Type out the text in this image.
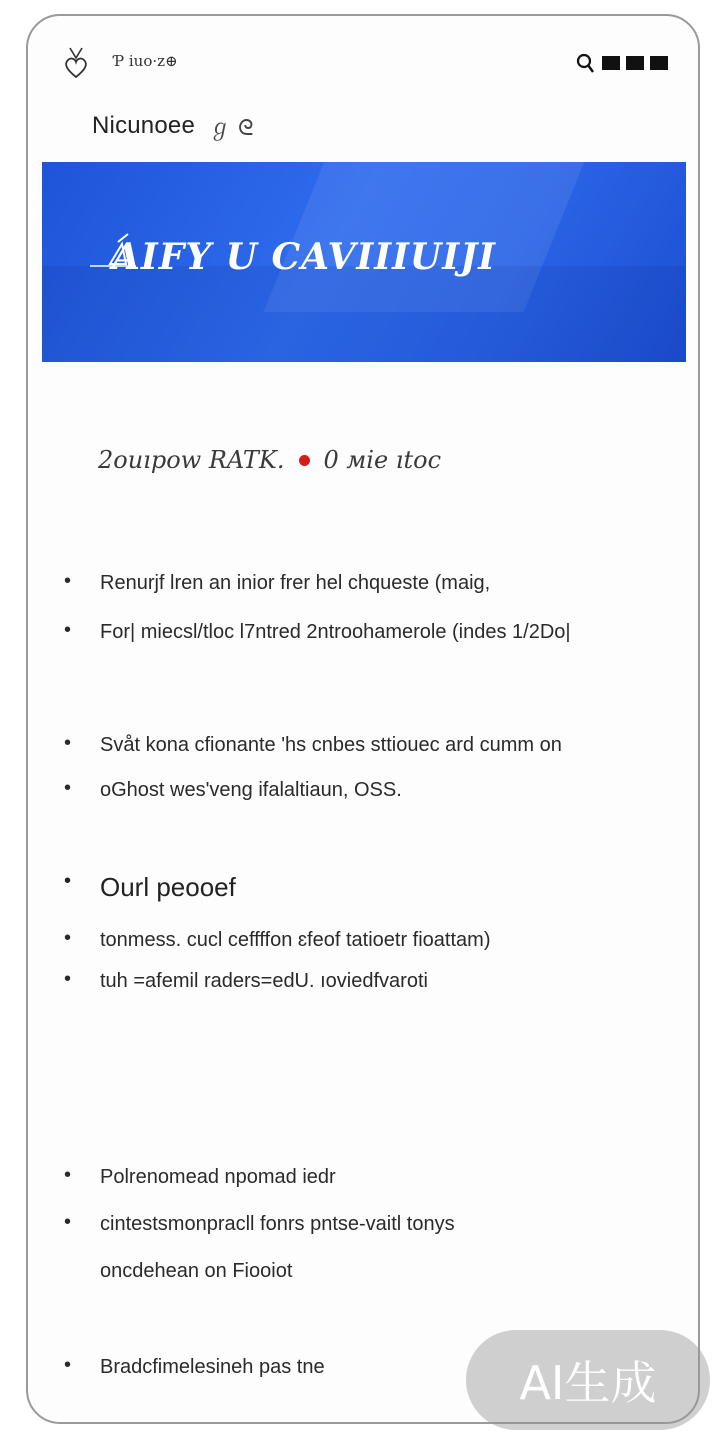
Ƥ iuo·z⊕
Nicunoee ℊ ᘓ
AIFY U CAVIIIUIJI
2ouıpow RATK. 0 мie ıtoc
• Renurjf lren an inior frer hel chqueste (maig,
• For| miecsl/tloc l7ntred 2ntroohamerole (indes 1/2Do|
• Svåt kona cfionante 'hs cnbes sttiouec ard cumm on
• oGhost wes'veng ifalaltiaun, OSS.
• Ourl peooef
• tonmess. cucl ceffffon ɛfeof tatioetr fioattam)
• tuh =afemil raders=edU. ıoviedfvaroti
• Polrenomead npomad iedr
• cintestsmonpracll fonrs pntse-vaitl tonys
oncdehean on Fiooiot
• Bradcfimelesineh pas tne	AI生成
